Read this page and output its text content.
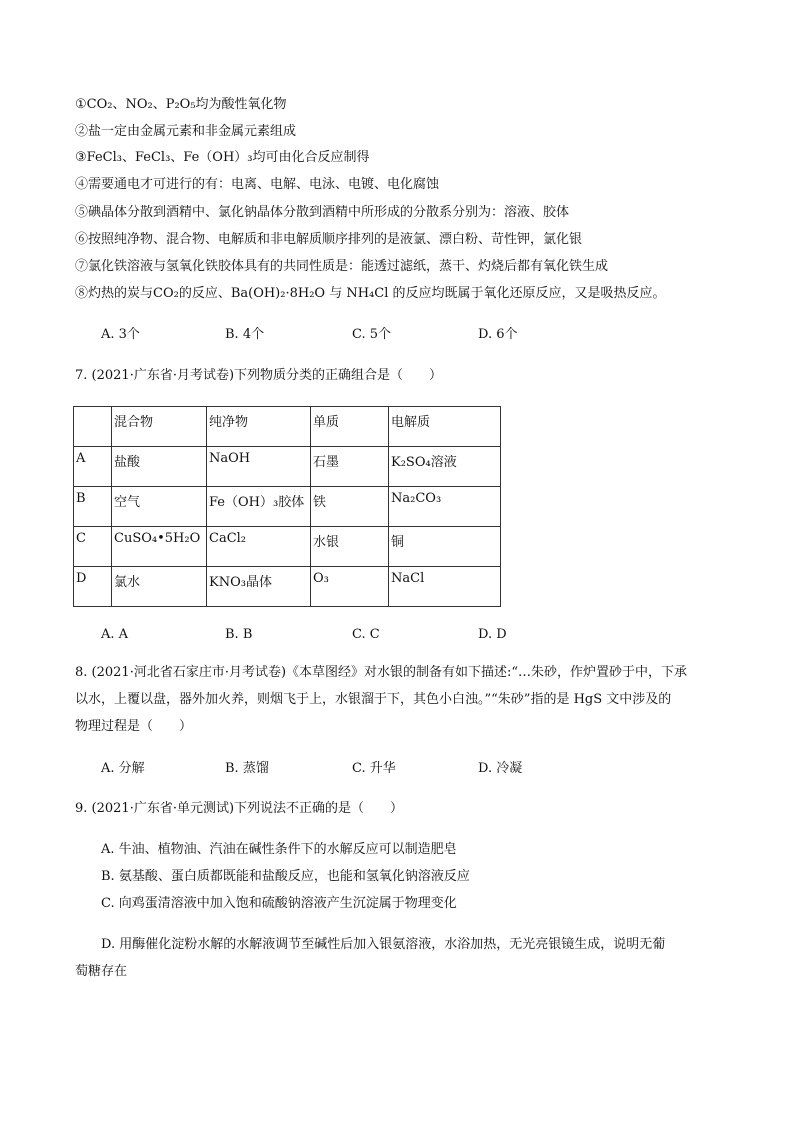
①CO₂、NO₂、P₂O₅均为酸性氧化物
②盐一定由金属元素和非金属元素组成
③FeCl₃、FeCl₃、Fe（OH）₃均可由化合反应制得
④需要通电才可进行的有：电离、电解、电泳、电镀、电化腐蚀
⑤碘晶体分散到酒精中、氯化钠晶体分散到酒精中所形成的分散系分别为：溶液、胶体
⑥按照纯净物、混合物、电解质和非电解质顺序排列的是液氯、漂白粉、苛性钾，氯化银
⑦氯化铁溶液与氢氧化铁胶体具有的共同性质是：能透过滤纸，蒸干、灼烧后都有氧化铁生成
⑧灼热的炭与CO₂的反应、Ba(OH)₂·8H₂O 与 NH₄Cl 的反应均既属于氧化还原反应，又是吸热反应。
A. 3个	B. 4个	C. 5个	D. 6个
7. (2021·广东省·月考试卷)下列物质分类的正确组合是（　　）
	混合物	纯净物	单质	电解质
A	盐酸	NaOH	石墨	K₂SO₄溶液
B	空气	Fe（OH）₃胶体	铁	Na₂CO₃
C	CuSO₄•5H₂O	CaCl₂	水银	铜
D	氯水	KNO₃晶体	O₃	NaCl
A. A	B. B	C. C	D. D
8. (2021·河北省石家庄市·月考试卷)《本草图经》对水银的制备有如下描述:“…朱砂，作炉置砂于中，下承
以水，上覆以盘，器外加火养，则烟飞于上，水银溜于下，其色小白浊。”“朱砂”指的是 HgS 文中涉及的
物理过程是（　　）
A. 分解	B. 蒸馏	C. 升华	D. 冷凝
9. (2021·广东省·单元测试)下列说法不正确的是（　　）
A. 牛油、植物油、汽油在碱性条件下的水解反应可以制造肥皂
B. 氨基酸、蛋白质都既能和盐酸反应，也能和氢氧化钠溶液反应
C. 向鸡蛋清溶液中加入饱和硫酸钠溶液产生沉淀属于物理变化
D. 用酶催化淀粉水解的水解液调节至碱性后加入银氨溶液，水浴加热，无光亮银镜生成，说明无葡
萄糖存在
